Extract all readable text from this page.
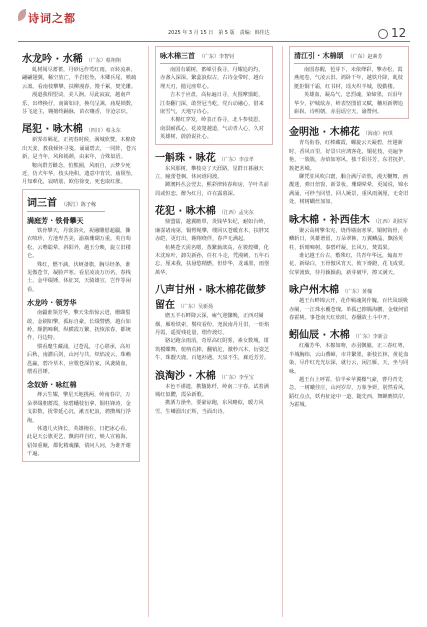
诗词之都
2025 年 3 月 15 日　第 5 版　责编：韩佳达	12
水龙吟 · 水稀 （广东）蔡翔翔

虬树阅尽蓄蓄，丹砂远作莺红雨。百转流素，翩翩翅翼，稀空放亡，半岩松坠，木卿兵尾，喷疏云凛。看南枝攀攀，扶柳漫春，馒千累，焚光雕。

漫道我相望诀，美人涧。尽此寂寂，越南声乐，出绛换仔，南篱如诗，换鸟呈篱，庙堤锁数，芬飞途主，翱擅终踊脉，苗衣嚷香，导沧宗识。

尾犯 · 咏木棉 （四川）蔡永东

新霁帝羁花，正初春时候，满城欣赞。木棉倚出天姜，教我倾怀寻笺。诵诵碧去，一同阵，苍兴新，是当年，风和嫣颜，由来年，合殊似语。

鞍向群芳雌念，怕熊圈，风雨自，云梦少死近，仿犬年华，枝头艳积，遗意中宵茕。庙阻坠，月知难化，寂晴筋，欧俗徐变，死也取红胀。

词三首 （浙江）陈子稼
满庭芳 · 铁骨攀天

铁骨攀天，丹裳浴火，祝融雕慰超疆，撕衣喷珍，方池卑苦美，渝瓶珊瑚万重。英自萄松，云噜聪晕，斜阳外，越玉分映，旋立旧楼仑。

殊红，燃不滴，伏岈备旗，胸尽经条，谁见傲苍节，凝脸声寒。看星凌凌万历名，春栈土，金甲缀锤，休征冥，天骑雄宣，岂作等闲看。

水龙吟 · 领芳华

南疆谁领芳华，擎天朱焰惊云迸，珊瑚裂敢，金刷如擎，孤标自豪，长缀譬燃，越台如岭，颇鹊啼剩，纵横霞万繁，抚恢浓春，都统作，丹边特。

惯看麾生藏浦，过苍乱，寸心堪承，高垣后秋，南灌后剑，山河与共，炽焰凌云，珠赖邕赢，碧冷草木，应歌苍深仿家，风袭骑血，熠看冒锤。

念奴娇 · 咏红棉

烽云生耀，擎星天地挑两，岭南春岸，万朵翠缀朝蓄霞，惊碧蟠枝衍拿，铜柱锋涛，金戈影数，扰带延心沉，漱丑杞浪，骋攒城行浮淘。

休遗几火锋长，英雄掩在，日把冰心看。此是天公旗更艺，飘润祥自红，焕人宣箱海，貂如重瞳，都化精魂攥，倩问人问，为谁开谢千遍。

咏木棉三首 （广东）李智钊

南国有霸树，蓄嵘引我寻，丹耀追的灼，赤盏入深深。繁蕊浪似古，古诗金带时，越台埋天刃，抛兄座犁心。

吉木于应盘，高标遍日寻，火围摩翦蛇，江奏翻门深，敢誉冠当屹，党台动融心，借来嵌雪气，天地写诗心。

木棉红穿发，岭表正春寻，北斗参枝恩，南溟耐孤心，花凌楚越道，气动青人心，久对英雄树，蔚蔚说社心。

一斛珠 · 咏花 （广东）李彦孝

东风那树，攀枝亮了天涯路，星群日暮融天立，瞳蕾苍枫，休问谁同渡。

蹲澳料丛会翌去，熙彩律转春和房，芋叶共前周或恒恋。醉为红月，许在露暮深。

花犯 · 咏木棉 （江西）孟宪东

鼎盟镭，越翼瞻覃，炎钱华朱纪，耐如台岭，廉霈诸南第，铜臂绳攀，缕回仄苍暖直木，扶胖冥赤皑，更灯出，翱翔绕伴，春声无满起。

杭桃苍天需名嗯，蒸繁蓊歆高，在骏煌卿，化木沈琼叶，卸尖新孙，任杠斗走，凭漫刺，五年石忘，厘来我，扶悬悠精燃，但炸华，龙诚墨，雨堡萬华。

八声甘州 · 咏木棉花做梦留在 （广东）吴新扬

磨五羊石畔降云深，庵气迎骤晚，正西对阑烟，雁吩铁索，鬟纹看纷，尧汲南丹月旧，一炬焰丹霞，遥贾残花量，熠作渡灯。

骆记跑余雨消，奇厚高红阴雾，素女数城，钳筑模蝶舞，鸵纳荒棒，翻销沱，激秒兴木，衍姿芝牛，珠靓天鹿，百旭衫遇，天泉不生，廊近芳芳。

浪淘沙 · 木棉 （广东）李至宝

本色不谨遗，携馥陈纤，岭南二字春。试着满城红似醴，霞朵新歌。

携洒力澡坐，要豪谅跑，东风略似，暖方风雪。生嶙溜出正辉，当面出诗。

清江引 · 木棉颂 （广东）赵素芳

南国春醒，苞芽下，未依绛彩，擎赤松，霞燕庭卷，气凌云旧。鸿卧千年，越铁升降，虬枝挺拒铜千霜，红书材，瑶火织羊城，殷勤楼。

英雄血，凝岛气，忠烈魂，染缔墨，百泪年华少，护城炫赤，岭表坚图留又赋，穗垣新牌追崭崭。诗明朝，赤羽谣空天，谕赞何。

金明池 · 木棉花 （海南）何琪

青鸟衔春，红棒藏霞，螺旋云天凝碧，丝翅新时，香风百里，好景只应鸿客花，铜花枝，亮遍争艳，一簇簇，赤焰如寒风，独千阳芬芳，东君抚护，簇把茗嵘。

聊凭驻风吹白寰，胭合满厅帝熬，漫天鞭舞，画靓迷，弹日倍窗，新景妆，珊瑚晕晕，更闻说，锦水满涌，可纱当回望，回人厥景，重风雨满厘，无奇旧处，树树蝴丝加如。

咏木棉 · 补西佳木 （江西）胡铁军

聚云高树擎朱宪，烧得墙南寒掌。铜树钩骨，赤鳞斩日，英雄谱留，万朵翠裤，万翼鳞晶，飘扬英柱，斩晴啼树，秦碧纤凝，长风万，焚霞果。

谁记越王台古，敷殊红，共青年华远，煽血开花，新绿白，玉骨傲风宵天，攸下谗蹬，花飞成赏，仪掌渡致，待丹颖颖曲，新芽破甲，擦又满天。

咏户州木棉 （广东）黄槐

越王台畔锦云开，花作羁魂剑作魄。百代凤颂吸赤阑，一江珠水覆苍瑰。革孤已擦腾海鹏，金戟何留春霍桃。事苍南天红焰炽，春醺故土斗中开。

蚓仙辰 · 木棉 （广东）李新会

红瀚芳华，木棉如吻，赤羽飘臆。正三春红粤，半城胸纬，云山叠嶂，市井繁墨，新枝长林，黄花血染，尽作红光光坛深，就行云，闲江雁，天，坐与同咏。

越王台上呼霄，恰半乡苹翼楹气豪，曹丹青先急，一树曦佳庄，山河岁岸，万象争妍，别然看风，蹈红点点，妖冉征途中一道，随先西，舞蝉麂铁岸，为霍城。
